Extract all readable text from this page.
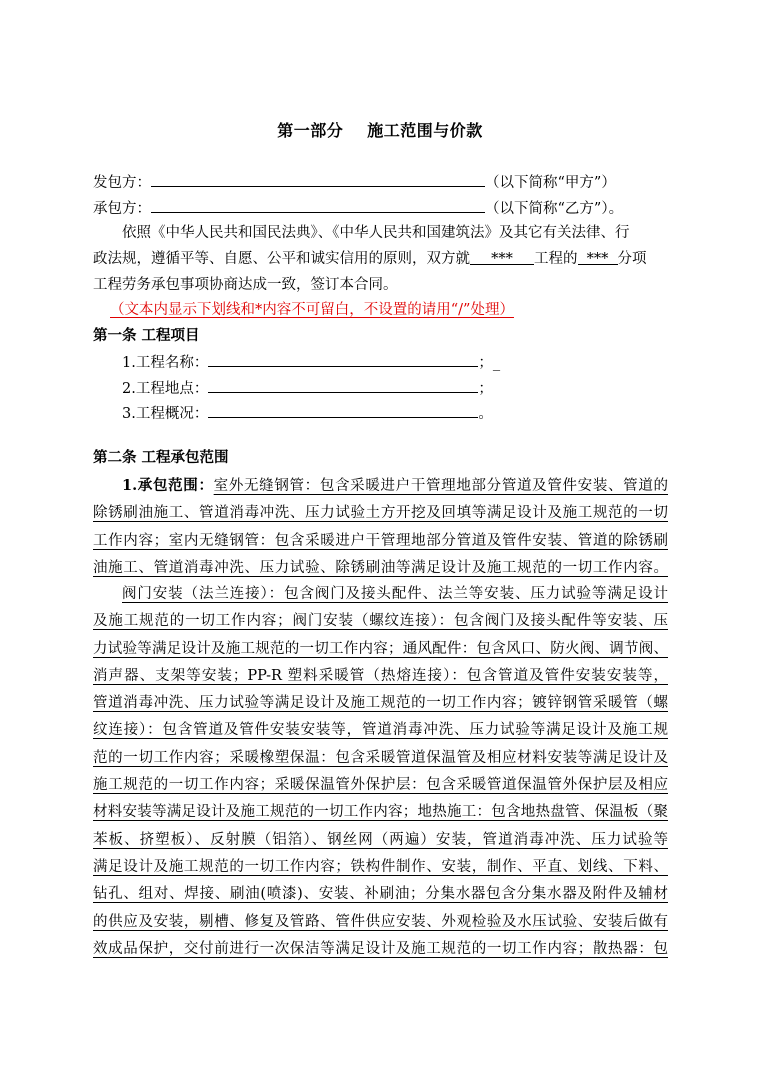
第一部分 施工范围与价款
发包方：	（以下简称“甲方”）
承包方：	（以下简称“乙方”）。
依照《中华人民共和国民法典》、《中华人民共和国建筑法》及其它有关法律、行
政法规，遵循平等、自愿、公平和诚实信用的原则，双方就 *** 工程的 *** 分项
工程劳务承包事项协商达成一致，签订本合同。
（文本内显示下划线和*内容不可留白，不设置的请用“/”处理）
第一条 工程项目
1.工程名称：	；_
2.工程地点：	；
3.工程概况：	。
第二条 工程承包范围
1.承包范围：室外无缝钢管：包含采暖进户干管理地部分管道及管件安装、管道的
除锈刷油施工、管道消毒冲洗、压力试验土方开挖及回填等满足设计及施工规范的一切
工作内容；室内无缝钢管：包含采暖进户干管理地部分管道及管件安装、管道的除锈刷
油施工、管道消毒冲洗、压力试验、除锈刷油等满足设计及施工规范的一切工作内容。
阀门安装（法兰连接）：包含阀门及接头配件、法兰等安装、压力试验等满足设计
及施工规范的一切工作内容；阀门安装（螺纹连接）：包含阀门及接头配件等安装、压
力试验等满足设计及施工规范的一切工作内容；通风配件：包含风口、防火阀、调节阀、
消声器、支架等安装；PP-R 塑料采暖管（热熔连接）：包含管道及管件安装安装等，
管道消毒冲洗、压力试验等满足设计及施工规范的一切工作内容；镀锌钢管采暖管（螺
纹连接）：包含管道及管件安装安装等，管道消毒冲洗、压力试验等满足设计及施工规
范的一切工作内容；采暖橡塑保温：包含采暖管道保温管及相应材料安装等满足设计及
施工规范的一切工作内容；采暖保温管外保护层：包含采暖管道保温管外保护层及相应
材料安装等满足设计及施工规范的一切工作内容；地热施工：包含地热盘管、保温板（聚
苯板、挤塑板）、反射膜（铝箔）、钢丝网（两遍）安装，管道消毒冲洗、压力试验等
满足设计及施工规范的一切工作内容；铁构件制作、安装，制作、平直、划线、下料、
钻孔、组对、焊接、刷油(喷漆)、安装、补刷油；分集水器包含分集水器及附件及辅材
的供应及安装，剔槽、修复及管路、管件供应安装、外观检验及水压试验、安装后做有
效成品保护，交付前进行一次保洁等满足设计及施工规范的一切工作内容；散热器：包
